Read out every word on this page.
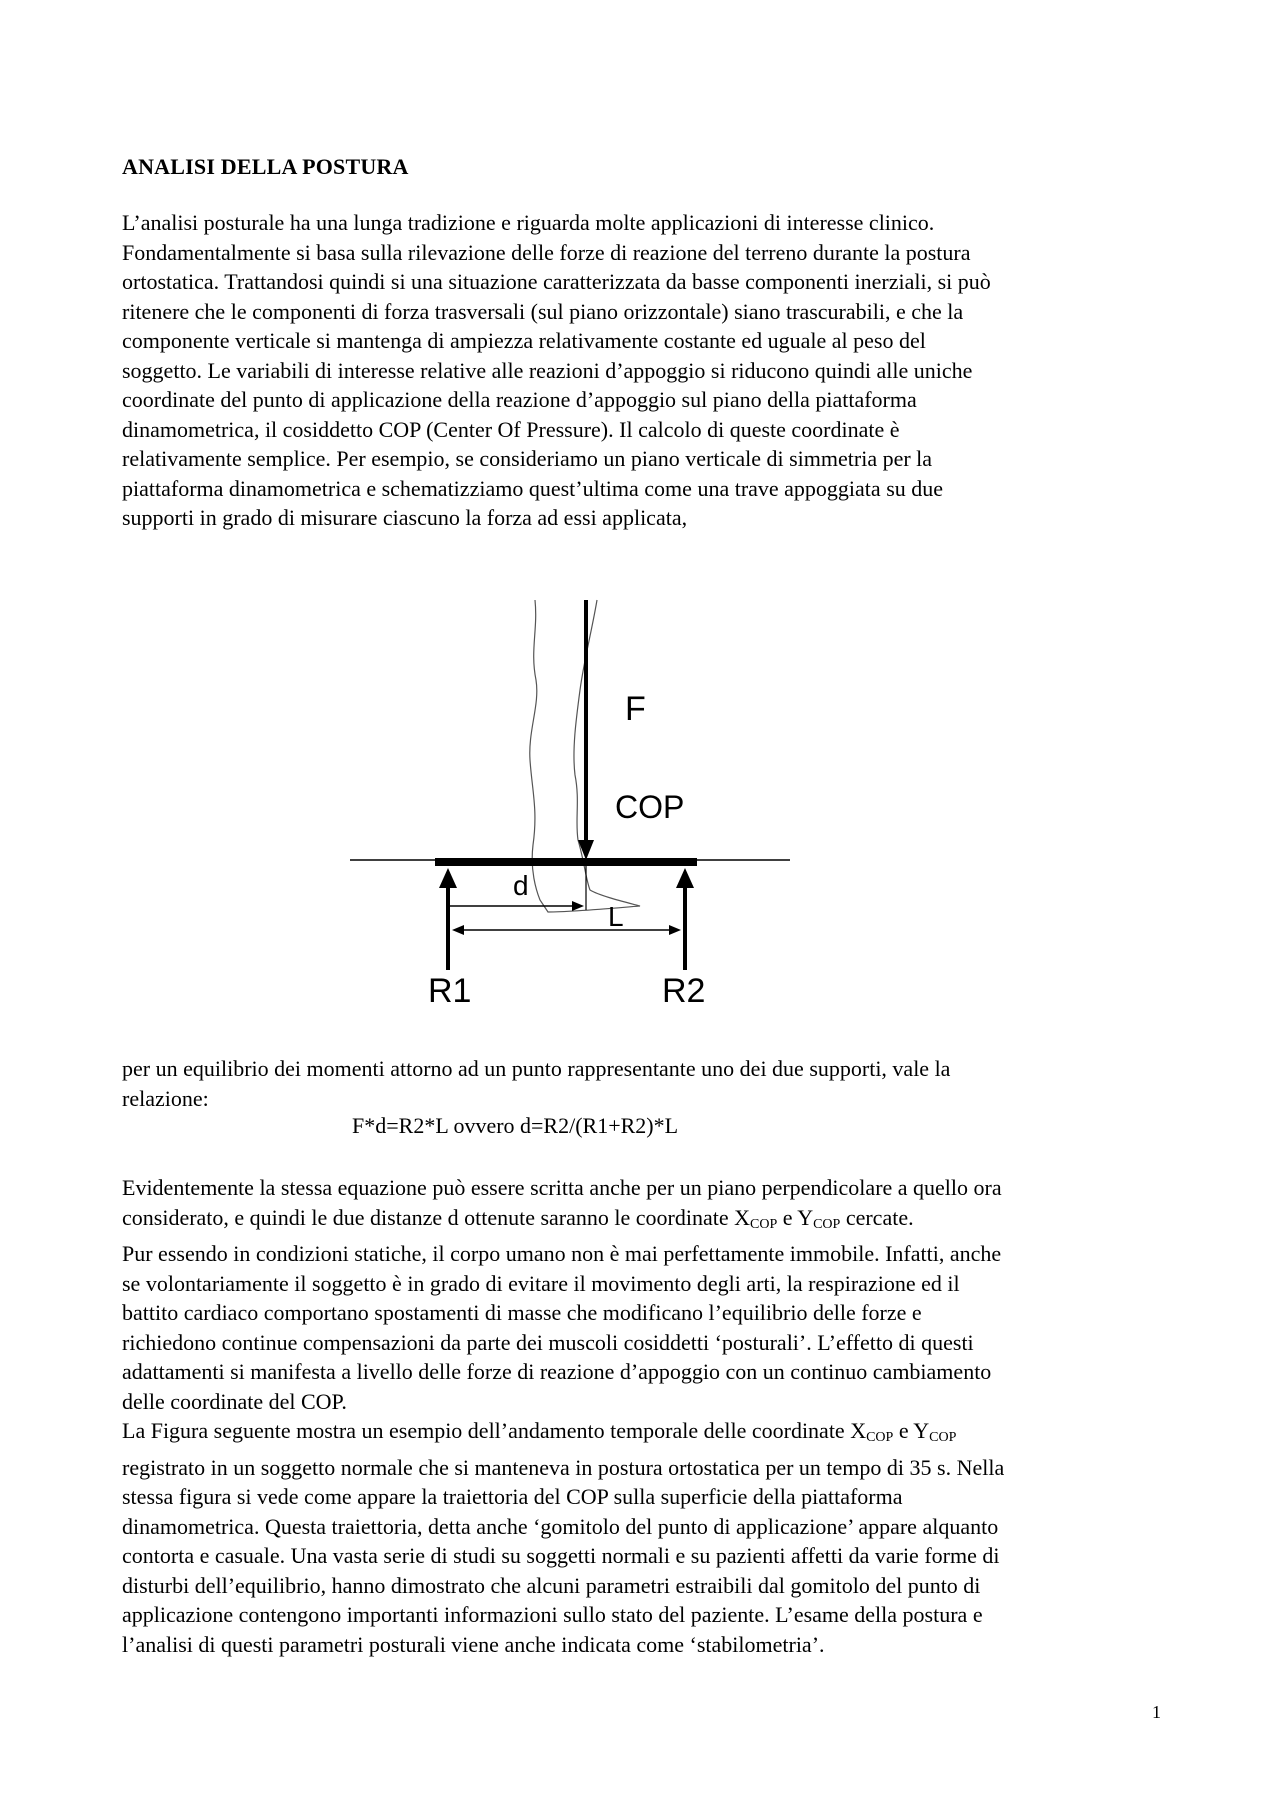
ANALISI DELLA POSTURA

L’analisi posturale ha una lunga tradizione e riguarda molte applicazioni di interesse clinico.
Fondamentalmente si basa sulla rilevazione delle forze di reazione del terreno durante la postura
ortostatica. Trattandosi quindi si una situazione caratterizzata da basse componenti inerziali, si può
ritenere che le componenti di forza trasversali (sul piano orizzontale) siano trascurabili, e che la
componente verticale si mantenga di ampiezza relativamente costante ed uguale al peso del
soggetto. Le variabili di interesse relative alle reazioni d’appoggio si riducono quindi alle uniche
coordinate del punto di applicazione della reazione d’appoggio sul piano della piattaforma
dinamometrica, il cosiddetto COP (Center Of Pressure). Il calcolo di queste coordinate è
relativamente semplice. Per esempio, se consideriamo un piano verticale di simmetria per la
piattaforma dinamometrica e schematizziamo quest’ultima come una trave appoggiata su due
supporti in grado di misurare ciascuno la forza ad essi applicata,

F
COP
d
L
R1	R2

per un equilibrio dei momenti attorno ad un punto rappresentante uno dei due supporti, vale la
relazione:

F*d=R2*L ovvero d=R2/(R1+R2)*L

Evidentemente la stessa equazione può essere scritta anche per un piano perpendicolare a quello ora
considerato, e quindi le due distanze d ottenute saranno le coordinate $X_{COP}$ e $Y_{COP}$ cercate.
Pur essendo in condizioni statiche, il corpo umano non è mai perfettamente immobile. Infatti, anche
se volontariamente il soggetto è in grado di evitare il movimento degli arti, la respirazione ed il
battito cardiaco comportano spostamenti di masse che modificano l’equilibrio delle forze e
richiedono continue compensazioni da parte dei muscoli cosiddetti ‘posturali’. L’effetto di questi
adattamenti si manifesta a livello delle forze di reazione d’appoggio con un continuo cambiamento
delle coordinate del COP.
La Figura seguente mostra un esempio dell’andamento temporale delle coordinate $X_{COP}$ e $Y_{COP}$
registrato in un soggetto normale che si manteneva in postura ortostatica per un tempo di 35 s. Nella
stessa figura si vede come appare la traiettoria del COP sulla superficie della piattaforma
dinamometrica. Questa traiettoria, detta anche ‘gomitolo del punto di applicazione’ appare alquanto
contorta e casuale. Una vasta serie di studi su soggetti normali e su pazienti affetti da varie forme di
disturbi dell’equilibrio, hanno dimostrato che alcuni parametri estraibili dal gomitolo del punto di
applicazione contengono importanti informazioni sullo stato del paziente. L’esame della postura e
l’analisi di questi parametri posturali viene anche indicata come ‘stabilometria’.

1
